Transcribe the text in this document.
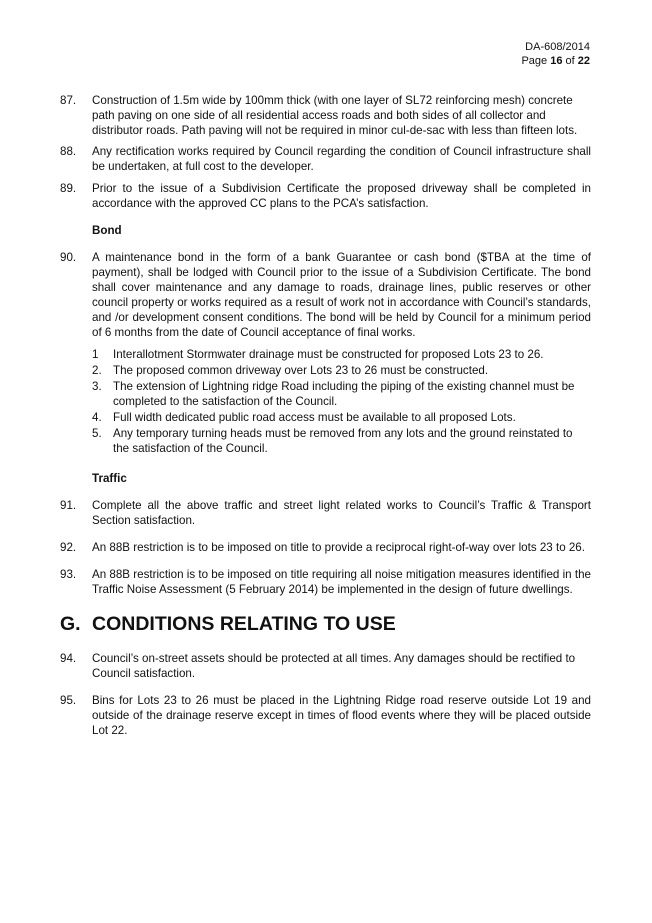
DA-608/2014
Page 16 of 22
87.	Construction of 1.5m wide by 100mm thick (with one layer of SL72 reinforcing mesh) concrete path paving on one side of all residential access roads and both sides of all collector and distributor roads. Path paving will not be required in minor cul-de-sac with less than fifteen lots.
88.	Any rectification works required by Council regarding the condition of Council infrastructure shall be undertaken, at full cost to the developer.
89.	Prior to the issue of a Subdivision Certificate the proposed driveway shall be completed in accordance with the approved CC plans to the PCA’s satisfaction.
Bond
90.	A maintenance bond in the form of a bank Guarantee or cash bond ($TBA at the time of payment), shall be lodged with Council prior to the issue of a Subdivision Certificate. The bond shall cover maintenance and any damage to roads, drainage lines, public reserves or other council property or works required as a result of work not in accordance with Council’s standards, and /or development consent conditions. The bond will be held by Council for a minimum period of 6 months from the date of Council acceptance of final works.
1	Interallotment Stormwater drainage must be constructed for proposed Lots 23 to 26.
2. The proposed common driveway over Lots 23 to 26 must be constructed.
3. The extension of Lightning ridge Road including the piping of the existing channel must be completed to the satisfaction of the Council.
4. Full width dedicated public road access must be available to all proposed Lots.
5. Any temporary turning heads must be removed from any lots and the ground reinstated to the satisfaction of the Council.
Traffic
91.	Complete all the above traffic and street light related works to Council’s Traffic & Transport Section satisfaction.
92.	An 88B restriction is to be imposed on title to provide a reciprocal right-of-way over lots 23 to 26.
93.	An 88B restriction is to be imposed on title requiring all noise mitigation measures identified in the Traffic Noise Assessment (5 February 2014) be implemented in the design of future dwellings.
G. CONDITIONS RELATING TO USE
94.	Council’s on-street assets should be protected at all times. Any damages should be rectified to Council satisfaction.
95.	Bins for Lots 23 to 26 must be placed in the Lightning Ridge road reserve outside Lot 19 and outside of the drainage reserve except in times of flood events where they will be placed outside Lot 22.
